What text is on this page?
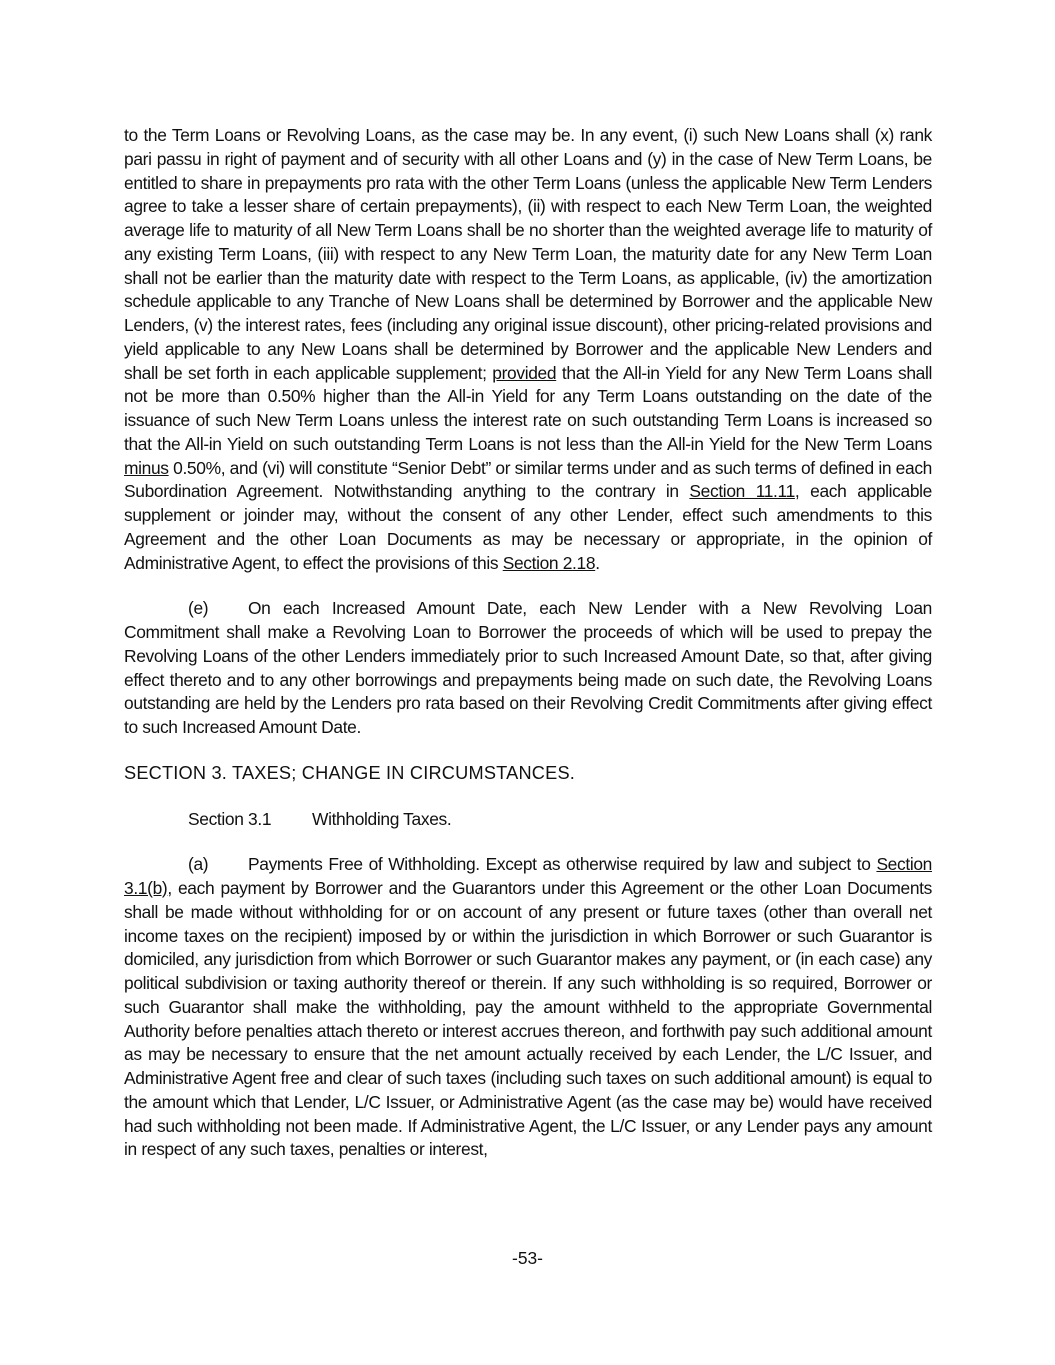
to the Term Loans or Revolving Loans, as the case may be. In any event, (i) such New Loans shall (x) rank pari passu in right of payment and of security with all other Loans and (y) in the case of New Term Loans, be entitled to share in prepayments pro rata with the other Term Loans (unless the applicable New Term Lenders agree to take a lesser share of certain prepayments), (ii) with respect to each New Term Loan, the weighted average life to maturity of all New Term Loans shall be no shorter than the weighted average life to maturity of any existing Term Loans, (iii) with respect to any New Term Loan, the maturity date for any New Term Loan shall not be earlier than the maturity date with respect to the Term Loans, as applicable, (iv) the amortization schedule applicable to any Tranche of New Loans shall be determined by Borrower and the applicable New Lenders, (v) the interest rates, fees (including any original issue discount), other pricing-related provisions and yield applicable to any New Loans shall be determined by Borrower and the applicable New Lenders and shall be set forth in each applicable supplement; provided that the All-in Yield for any New Term Loans shall not be more than 0.50% higher than the All-in Yield for any Term Loans outstanding on the date of the issuance of such New Term Loans unless the interest rate on such outstanding Term Loans is increased so that the All-in Yield on such outstanding Term Loans is not less than the All-in Yield for the New Term Loans minus 0.50%, and (vi) will constitute “Senior Debt” or similar terms under and as such terms of defined in each Subordination Agreement. Notwithstanding anything to the contrary in Section 11.11, each applicable supplement or joinder may, without the consent of any other Lender, effect such amendments to this Agreement and the other Loan Documents as may be necessary or appropriate, in the opinion of Administrative Agent, to effect the provisions of this Section 2.18.

(e) On each Increased Amount Date, each New Lender with a New Revolving Loan Commitment shall make a Revolving Loan to Borrower the proceeds of which will be used to prepay the Revolving Loans of the other Lenders immediately prior to such Increased Amount Date, so that, after giving effect thereto and to any other borrowings and prepayments being made on such date, the Revolving Loans outstanding are held by the Lenders pro rata based on their Revolving Credit Commitments after giving effect to such Increased Amount Date.

SECTION 3. TAXES; CHANGE IN CIRCUMSTANCES.

Section 3.1 Withholding Taxes.

(a) Payments Free of Withholding. Except as otherwise required by law and subject to Section 3.1(b), each payment by Borrower and the Guarantors under this Agreement or the other Loan Documents shall be made without withholding for or on account of any present or future taxes (other than overall net income taxes on the recipient) imposed by or within the jurisdiction in which Borrower or such Guarantor is domiciled, any jurisdiction from which Borrower or such Guarantor makes any payment, or (in each case) any political subdivision or taxing authority thereof or therein. If any such withholding is so required, Borrower or such Guarantor shall make the withholding, pay the amount withheld to the appropriate Governmental Authority before penalties attach thereto or interest accrues thereon, and forthwith pay such additional amount as may be necessary to ensure that the net amount actually received by each Lender, the L/C Issuer, and Administrative Agent free and clear of such taxes (including such taxes on such additional amount) is equal to the amount which that Lender, L/C Issuer, or Administrative Agent (as the case may be) would have received had such withholding not been made. If Administrative Agent, the L/C Issuer, or any Lender pays any amount in respect of any such taxes, penalties or interest,

-53-
